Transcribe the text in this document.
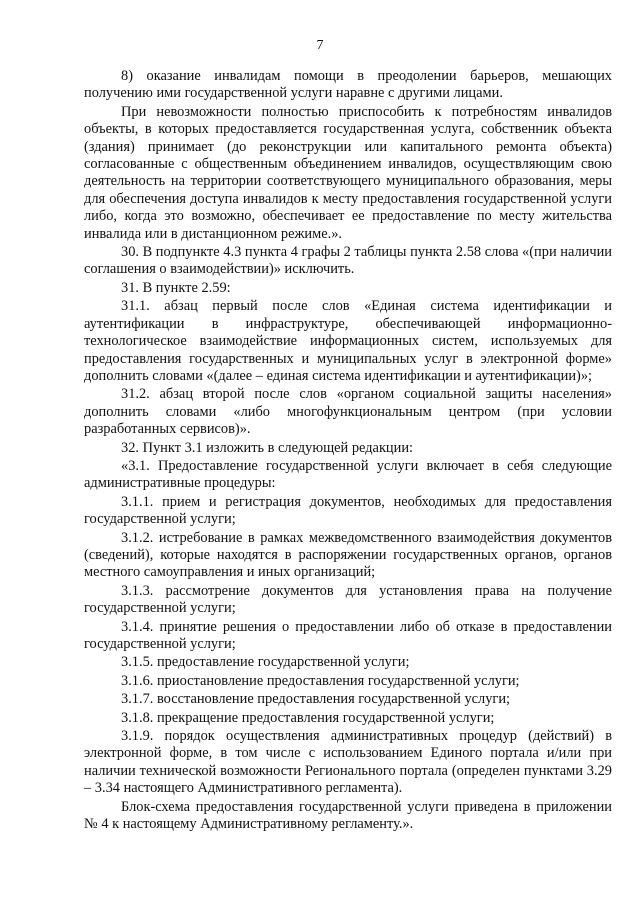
7

8) оказание инвалидам помощи в преодолении барьеров, мешающих получению ими государственной услуги наравне с другими лицами.

При невозможности полностью приспособить к потребностям инвалидов объекты, в которых предоставляется государственная услуга, собственник объекта (здания) принимает (до реконструкции или капитального ремонта объекта) согласованные с общественным объединением инвалидов, осуществляющим свою деятельность на территории соответствующего муниципального образования, меры для обеспечения доступа инвалидов к месту предоставления государственной услуги либо, когда это возможно, обеспечивает ее предоставление по месту жительства инвалида или в дистанционном режиме.».

30. В подпункте 4.3 пункта 4 графы 2 таблицы пункта 2.58 слова «(при наличии соглашения о взаимодействии)» исключить.

31. В пункте 2.59:

31.1. абзац первый после слов «Единая система идентификации и аутентификации в инфраструктуре, обеспечивающей информационно-технологическое взаимодействие информационных систем, используемых для предоставления государственных и муниципальных услуг в электронной форме» дополнить словами «(далее – единая система идентификации и аутентификации)»;

31.2. абзац второй после слов «органом социальной защиты населения» дополнить словами «либо многофункциональным центром (при условии разработанных сервисов)».

32. Пункт 3.1 изложить в следующей редакции:

«3.1. Предоставление государственной услуги включает в себя следующие административные процедуры:

3.1.1. прием и регистрация документов, необходимых для предоставления государственной услуги;

3.1.2. истребование в рамках межведомственного взаимодействия документов (сведений), которые находятся в распоряжении государственных органов, органов местного самоуправления и иных организаций;

3.1.3. рассмотрение документов для установления права на получение государственной услуги;

3.1.4. принятие решения о предоставлении либо об отказе в предоставлении государственной услуги;

3.1.5. предоставление государственной услуги;

3.1.6. приостановление предоставления государственной услуги;

3.1.7. восстановление предоставления государственной услуги;

3.1.8. прекращение предоставления государственной услуги;

3.1.9. порядок осуществления административных процедур (действий) в электронной форме, в том числе с использованием Единого портала и/или при наличии технической возможности Регионального портала (определен пунктами 3.29 – 3.34 настоящего Административного регламента).

Блок-схема предоставления государственной услуги приведена в приложении № 4 к настоящему Административному регламенту.».
